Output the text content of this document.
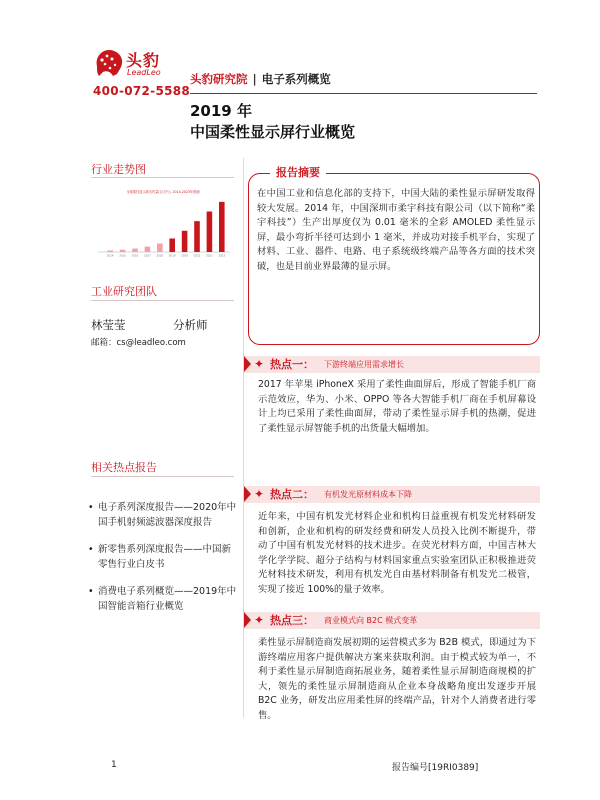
头豹
LeadLeo
400-072-5588
头豹研究院 | 电子系列概览
2019 年
中国柔性显示屏行业概览
行业走势图
全球柔性显示屏出货量(百万片), 2014-2023年预测
2014 2015 2016 2017 2018 2019 2020 2021 2022 2023
工业研究团队
林莹莹	分析师
邮箱：cs@leadleo.com
相关热点报告
• 电子系列深度报告——2020年中国手机射频滤波器深度报告
• 新零售系列深度报告——中国新零售行业白皮书
• 消费电子系列概览——2019年中国智能音箱行业概览
报告摘要
在中国工业和信息化部的支持下，中国大陆的柔性显示屏研发取得较大发展。2014 年，中国深圳市柔宇科技有限公司（以下简称“柔宇科技”）生产出厚度仅为 0.01 毫米的全彩 AMOLED 柔性显示屏，最小弯折半径可达到小 1 毫米，并成功对接手机平台，实现了材料、工业、器件、电路、电子系统级终端产品等各方面的技术突破，也是目前业界最薄的显示屏。
✦ 热点一： 下游终端应用需求增长
2017 年苹果 iPhoneX 采用了柔性曲面屏后，形成了智能手机厂商示范效应，华为、小米、OPPO 等各大智能手机厂商在手机屏幕设计上均已采用了柔性曲面屏，带动了柔性显示屏手机的热潮，促进了柔性显示屏智能手机的出货量大幅增加。
✦ 热点二： 有机发光原材料成本下降
近年来，中国有机发光材料企业和机构日益重视有机发光材料研发和创新，企业和机构的研发经费和研发人员投入比例不断提升，带动了中国有机发光材料的技术进步。在荧光材料方面，中国吉林大学化学学院、超分子结构与材料国家重点实验室团队正积极推进荧光材料技术研发，利用有机发光自由基材料制备有机发光二极管，实现了接近 100%的量子效率。
✦ 热点三： 商业模式向 B2C 模式变革
柔性显示屏制造商发展初期的运营模式多为 B2B 模式，即通过为下游终端应用客户提供解决方案来获取利润。由于模式较为单一，不利于柔性显示屏制造商拓展业务，随着柔性显示屏制造商规模的扩大，领先的柔性显示屏制造商从企业本身战略角度出发逐步开展 B2C 业务，研发出应用柔性屏的终端产品，针对个人消费者进行零售。
1	报告编号[19RI0389]
